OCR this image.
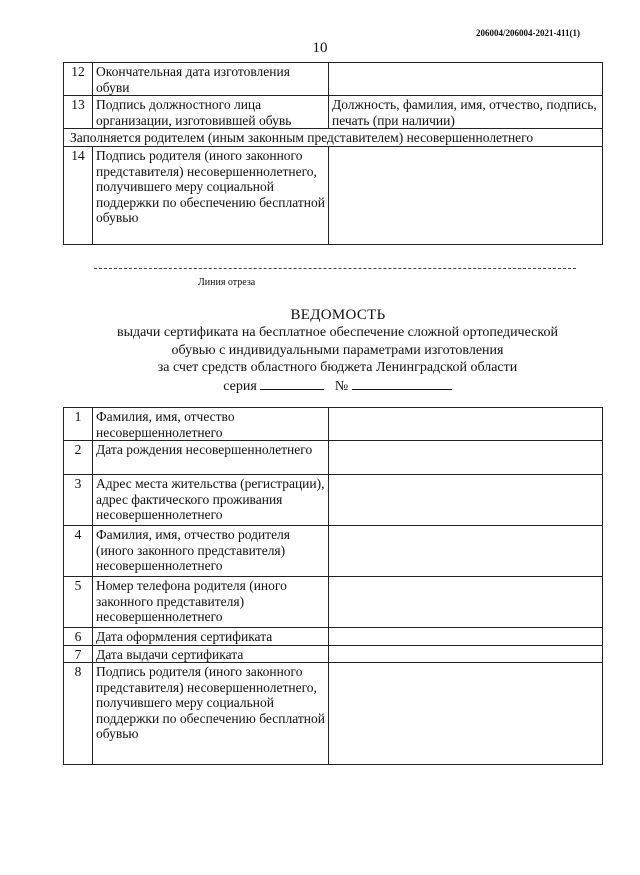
206004/206004-2021-411(1)
10
12	Окончательная дата изготовления обуви	
13	Подпись должностного лица организации, изготовившей обувь	Должность, фамилия, имя, отчество, подпись, печать (при наличии)
Заполняется родителем (иным законным представителем) несовершеннолетнего		
14	Подпись родителя (иного законного представителя) несовершеннолетнего, получившего меру социальной поддержки по обеспечению бесплатной обувью	
Линия отреза
ВЕДОМОСТЬ
выдачи сертификата на бесплатное обеспечение сложной ортопедической
обувью с индивидуальными параметрами изготовления
за счет средств областного бюджета Ленинградской области
серия	№
1	Фамилия, имя, отчество несовершеннолетнего	
2	Дата рождения несовершеннолетнего	
3	Адрес места жительства (регистрации), адрес фактического проживания несовершеннолетнего	
4	Фамилия, имя, отчество родителя (иного законного представителя) несовершеннолетнего	
5	Номер телефона родителя (иного законного представителя) несовершеннолетнего	
6	Дата оформления сертификата	
7	Дата выдачи сертификата	
8	Подпись родителя (иного законного представителя) несовершеннолетнего, получившего меру социальной поддержки по обеспечению бесплатной обувью	
